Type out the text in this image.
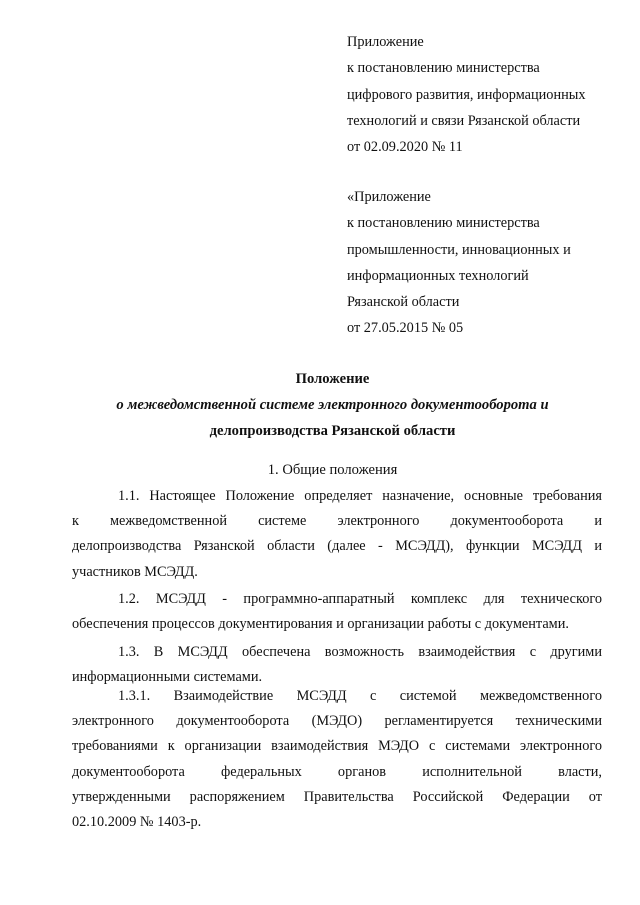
Приложение
к постановлению министерства
цифрового развития, информационных
технологий и связи Рязанской области
от 02.09.2020 № 11
«Приложение
к постановлению министерства
промышленности, инновационных и
информационных технологий
Рязанской области
от 27.05.2015 № 05
Положение
о межведомственной системе электронного документооборота и
делопроизводства Рязанской области
1. Общие положения
1.1. Настоящее Положение определяет назначение, основные требования
к межведомственной системе электронного документооборота и
делопроизводства Рязанской области (далее - МСЭДД), функции МСЭДД и
участников МСЭДД.
1.2. МСЭДД - программно-аппаратный комплекс для технического
обеспечения процессов документирования и организации работы с документами.
1.3. В МСЭДД обеспечена возможность взаимодействия с другими
информационными системами.
1.3.1. Взаимодействие МСЭДД с системой межведомственного
электронного документооборота (МЭДО) регламентируется техническими
требованиями к организации взаимодействия МЭДО с системами электронного
документооборота федеральных органов исполнительной власти,
утвержденными распоряжением Правительства Российской Федерации от
02.10.2009 № 1403-р.
